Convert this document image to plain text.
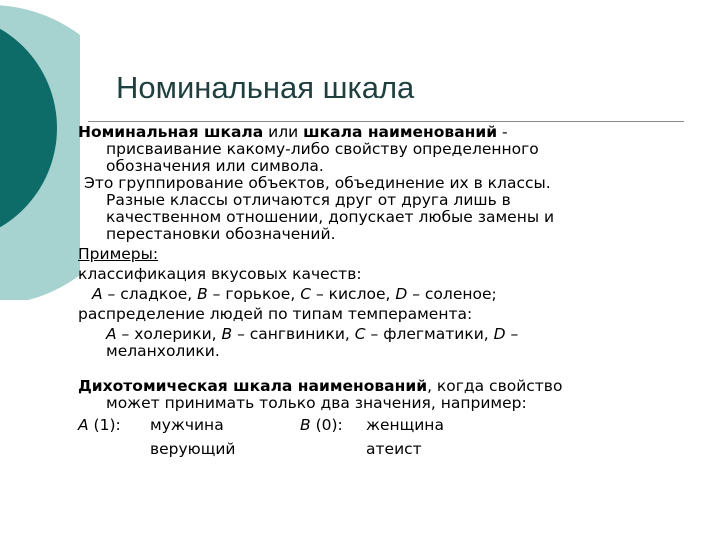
Номинальная шкала
Номинальная шкала или шкала наименований -
присваивание какому-либо свойству определенного
обозначения или символа.
Это группирование объектов, объединение их в классы.
Разные классы отличаются друг от друга лишь в
качественном отношении, допускает любые замены и
перестановки обозначений.
Примеры:
классификация вкусовых качеств:
A – сладкое, B – горькое, C – кислое, D – соленое;
распределение людей по типам темперамента:
A – холерики, B – сангвиники, C – флегматики, D –
меланхолики.
Дихотомическая шкала наименований, когда свойство
может принимать только два значения, например:
A (1): мужчина	B (0): женщина
верующий	атеист
